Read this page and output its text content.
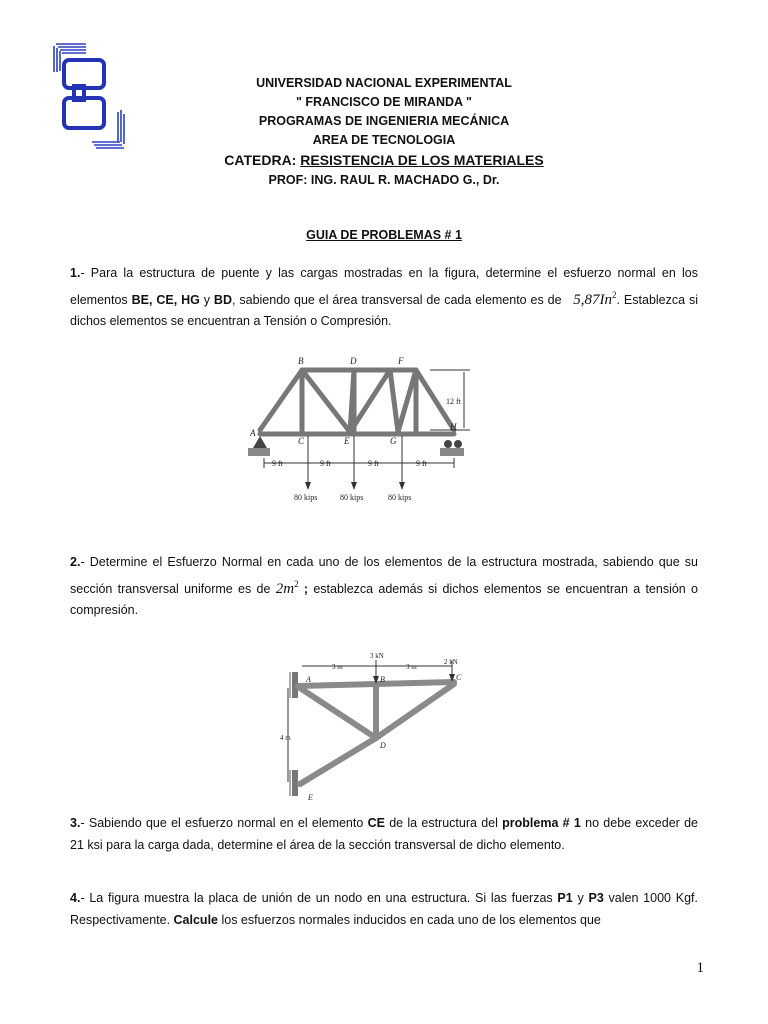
UNIVERSIDAD NACIONAL EXPERIMENTAL
" FRANCISCO DE MIRANDA "
PROGRAMAS DE INGENIERIA MECÁNICA
AREA DE TECNOLOGIA
CATEDRA: RESISTENCIA DE LOS MATERIALES
PROF: ING. RAUL R. MACHADO G., Dr.
GUIA DE PROBLEMAS # 1
1.- Para la estructura de puente y las cargas mostradas en la figura, determine el esfuerzo normal en los elementos BE, CE, HG y BD, sabiendo que el área transversal de cada elemento es de   5,87In$^2$. Establezca si dichos elementos se encuentran a Tensión o Compresión.
B	D	F
A
C	E	G
H
12 ft
9 ft	9 ft	9 ft	9 ft
80 kips	80 kips	80 kips
2.- Determine el Esfuerzo Normal en cada uno de los elementos de la estructura mostrada, sabiendo que su sección transversal uniforme es de $2m^2$ ; establezca además si dichos elementos se encuentran a tensión o compresión.
3 kN
2 kN
3 m	3 m
4 m
A	B	C
D
E
3.- Sabiendo que el esfuerzo normal en el elemento CE de la estructura del problema # 1 no debe exceder de 21 ksi para la carga dada, determine el área de la sección transversal de dicho elemento.
4.- La figura muestra la placa de unión de un nodo en una estructura. Si las fuerzas P1 y P3 valen 1000 Kgf. Respectivamente. Calcule los esfuerzos normales inducidos en cada uno de los elementos que
1
